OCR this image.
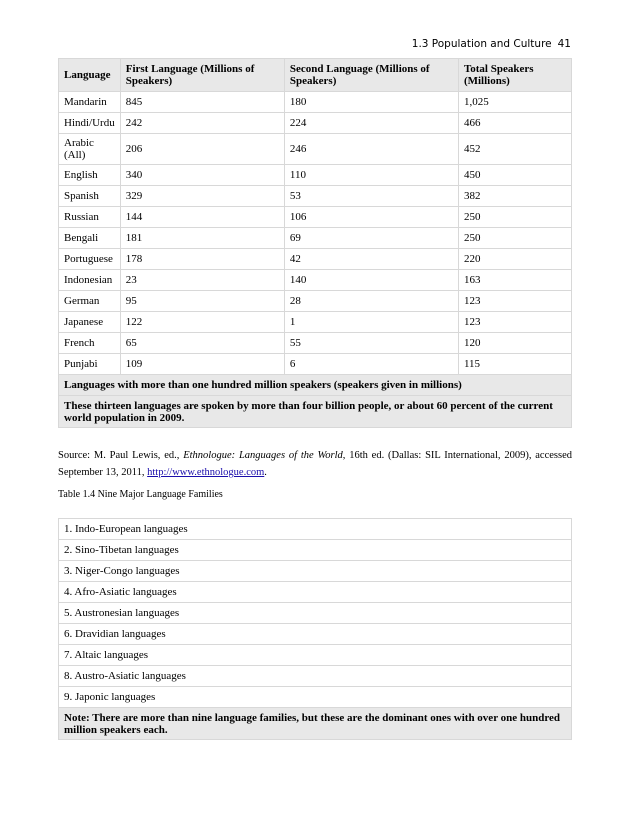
1.3 Population and Culture 41
Language	First Language (Millions of Speakers)	Second Language (Millions of Speakers)	Total Speakers (Millions)
Mandarin	845	180	1,025
Hindi/Urdu	242	224	466
Arabic (All)	206	246	452
English	340	110	450
Spanish	329	53	382
Russian	144	106	250
Bengali	181	69	250
Portuguese	178	42	220
Indonesian	23	140	163
German	95	28	123
Japanese	122	1	123
French	65	55	120
Punjabi	109	6	115
Languages with more than one hundred million speakers (speakers given in millions)			
These thirteen languages are spoken by more than four billion people, or about 60 percent of the current world population in 2009.			
Source: M. Paul Lewis, ed., Ethnologue: Languages of the World, 16th ed. (Dallas: SIL International, 2009), accessed September 13, 2011, http://www.ethnologue.com.
Table 1.4 Nine Major Language Families
1. Indo-European languages
2. Sino-Tibetan languages
3. Niger-Congo languages
4. Afro-Asiatic languages
5. Austronesian languages
6. Dravidian languages
7. Altaic languages
8. Austro-Asiatic languages
9. Japonic languages
Note: There are more than nine language families, but these are the dominant ones with over one hundred million speakers each.
